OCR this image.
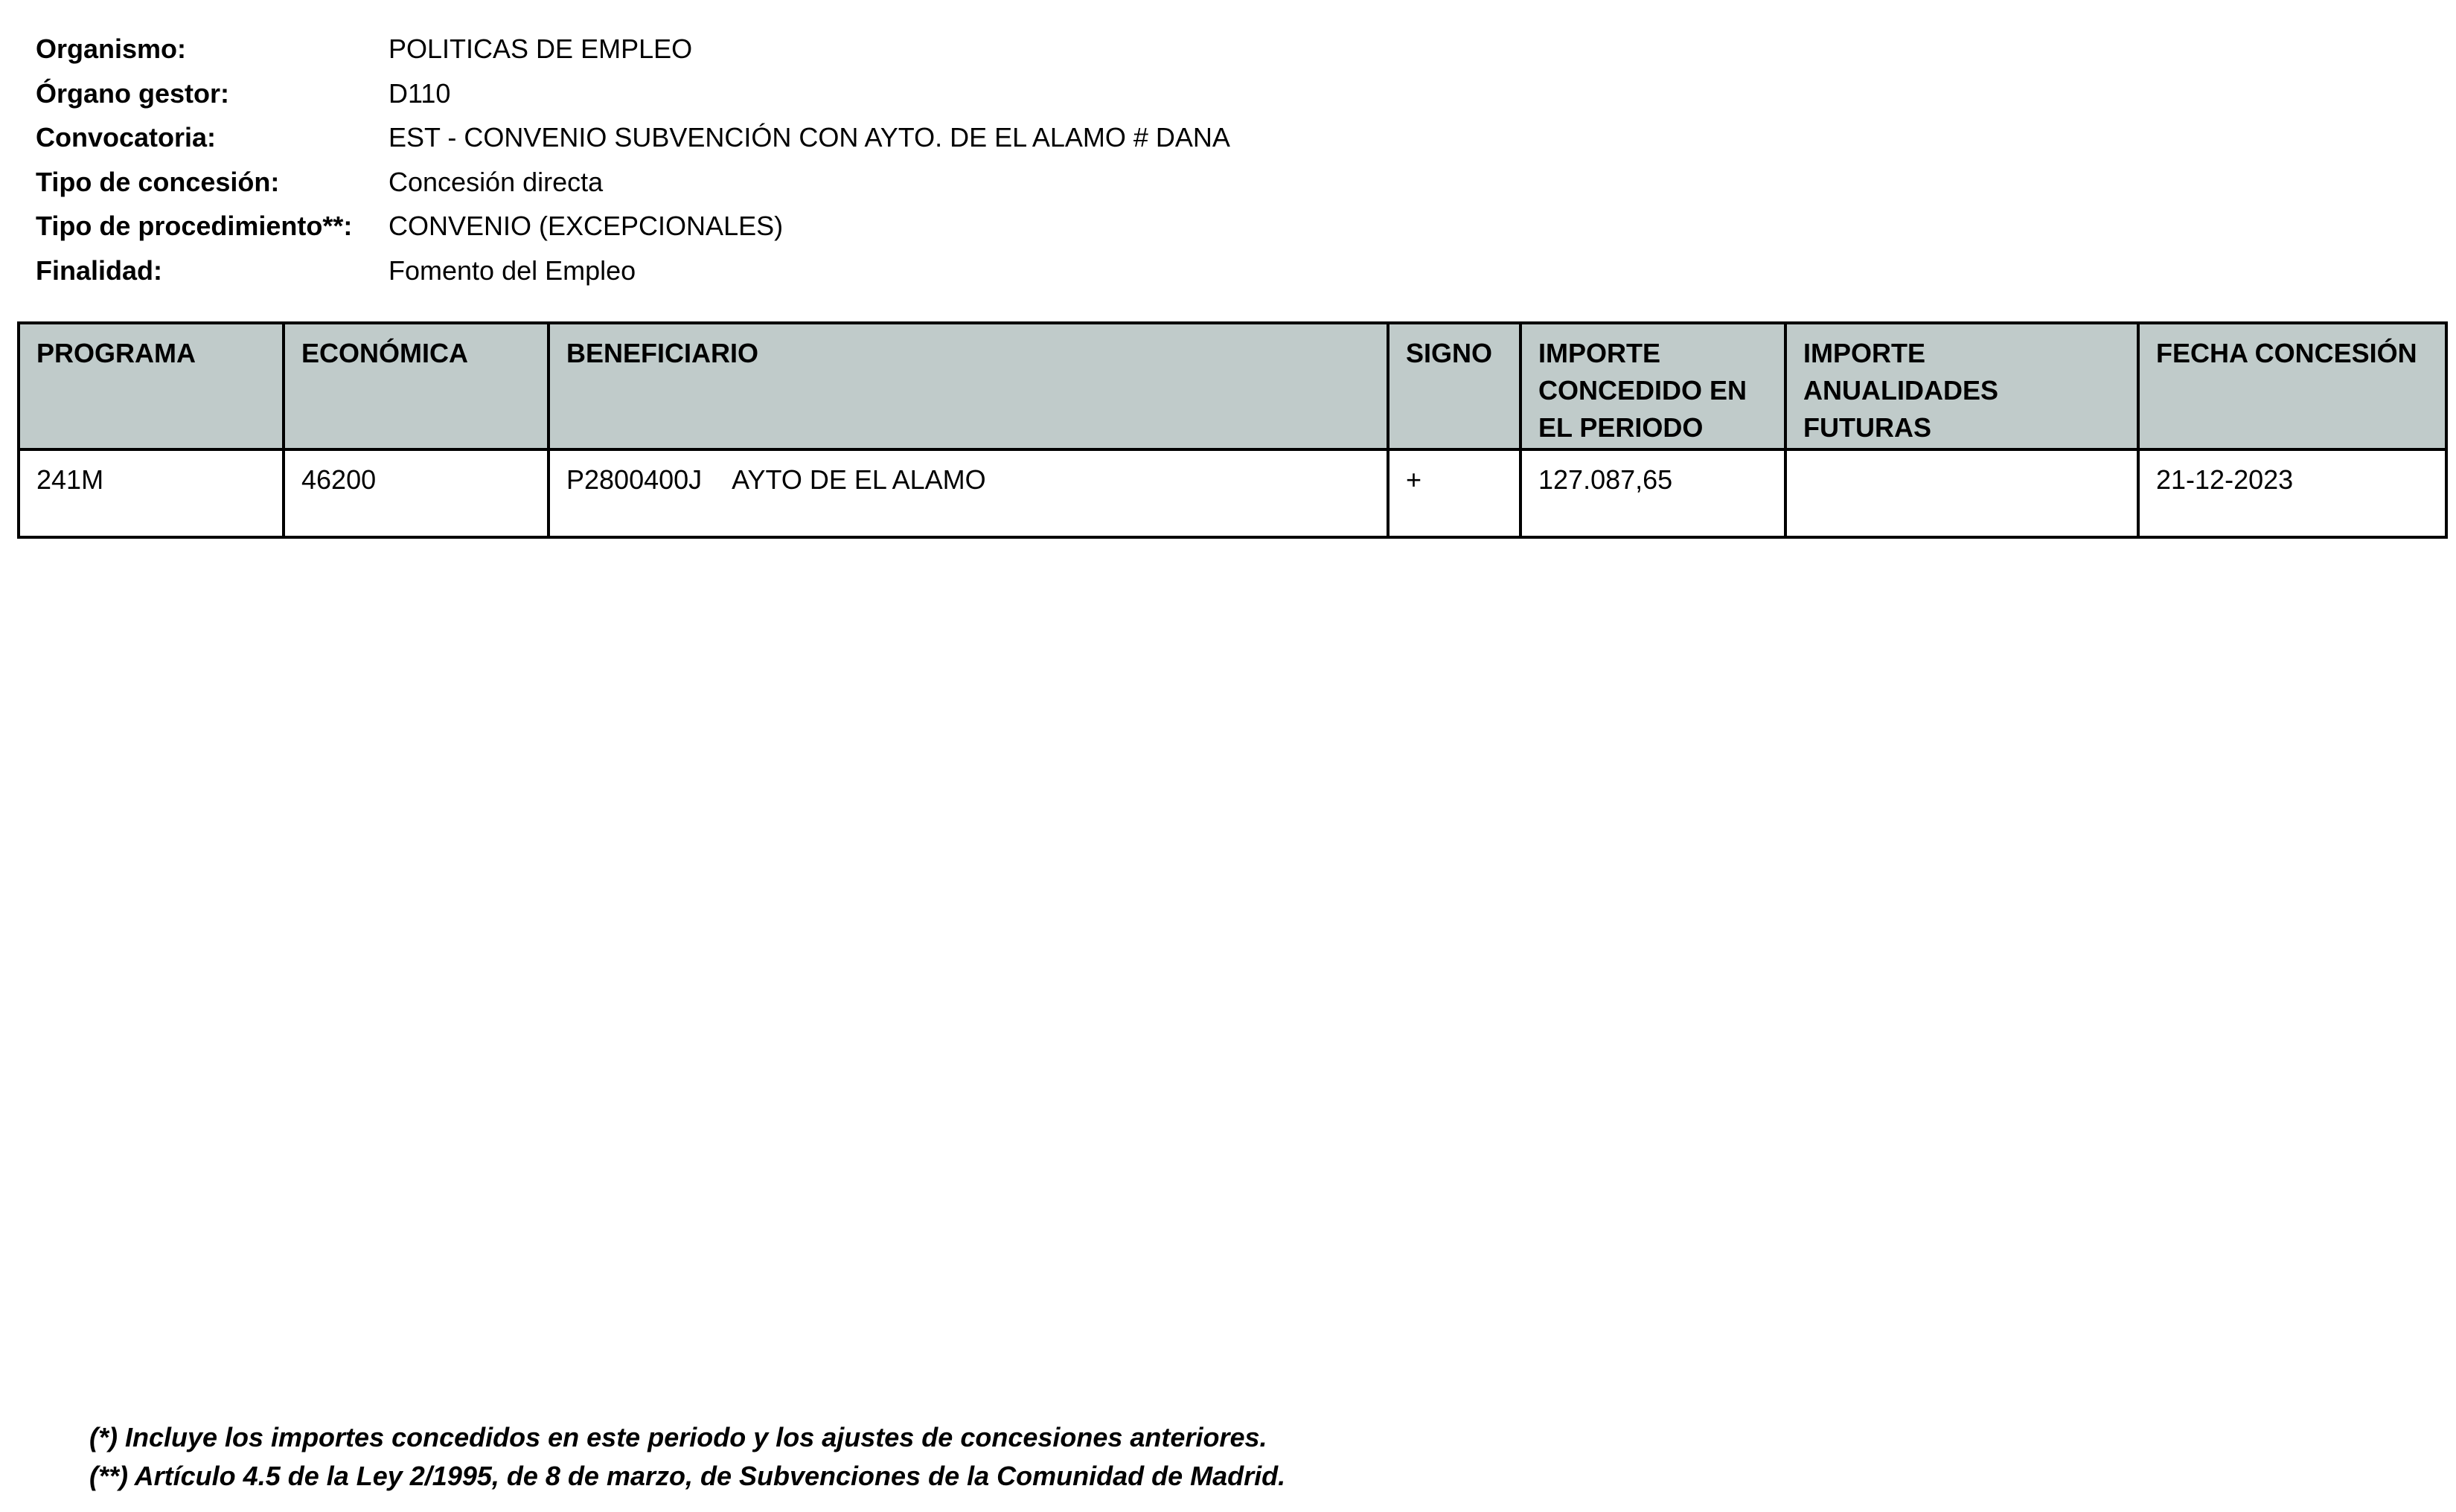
Organismo:	POLITICAS DE EMPLEO
Órgano gestor:	D110
Convocatoria:	EST - CONVENIO SUBVENCIÓN CON AYTO. DE EL ALAMO # DANA
Tipo de concesión:	Concesión directa
Tipo de procedimiento**:	CONVENIO (EXCEPCIONALES)
Finalidad:	Fomento del Empleo
PROGRAMA	ECONÓMICA	BENEFICIARIO	SIGNO	IMPORTE CONCEDIDO EN EL PERIODO	IMPORTE ANUALIDADES FUTURAS	FECHA CONCESIÓN
241M	46200	P2800400J AYTO DE EL ALAMO	+	127.087,65		21-12-2023
(*) Incluye los importes concedidos en este periodo y los ajustes de concesiones anteriores.
(**) Artículo 4.5 de la Ley 2/1995, de 8 de marzo, de Subvenciones de la Comunidad de Madrid.
